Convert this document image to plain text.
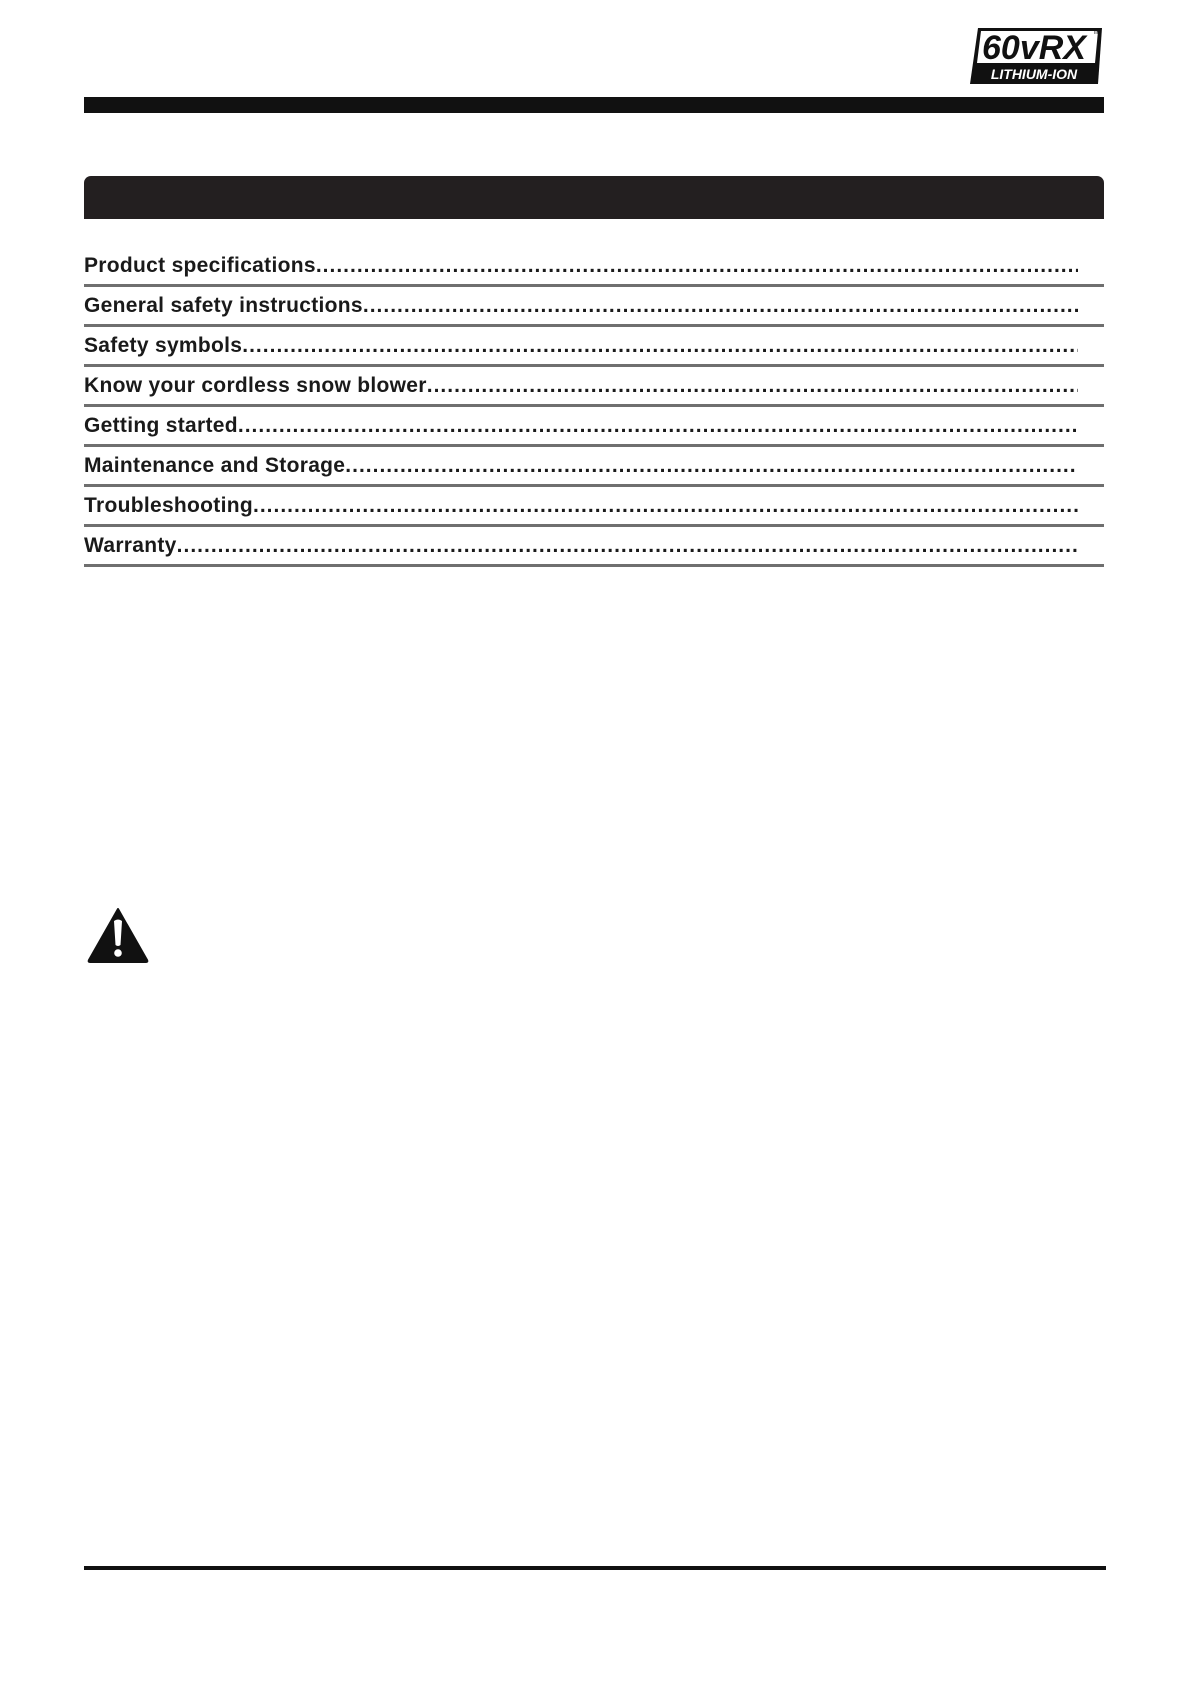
60vRX
LITHIUM-ION
TM
Product specifications .....
General safety instructions .....
Safety symbols .....
Know your cordless snow blower .....
Getting started .....
Maintenance and Storage .....
Troubleshooting .....
Warranty .....
